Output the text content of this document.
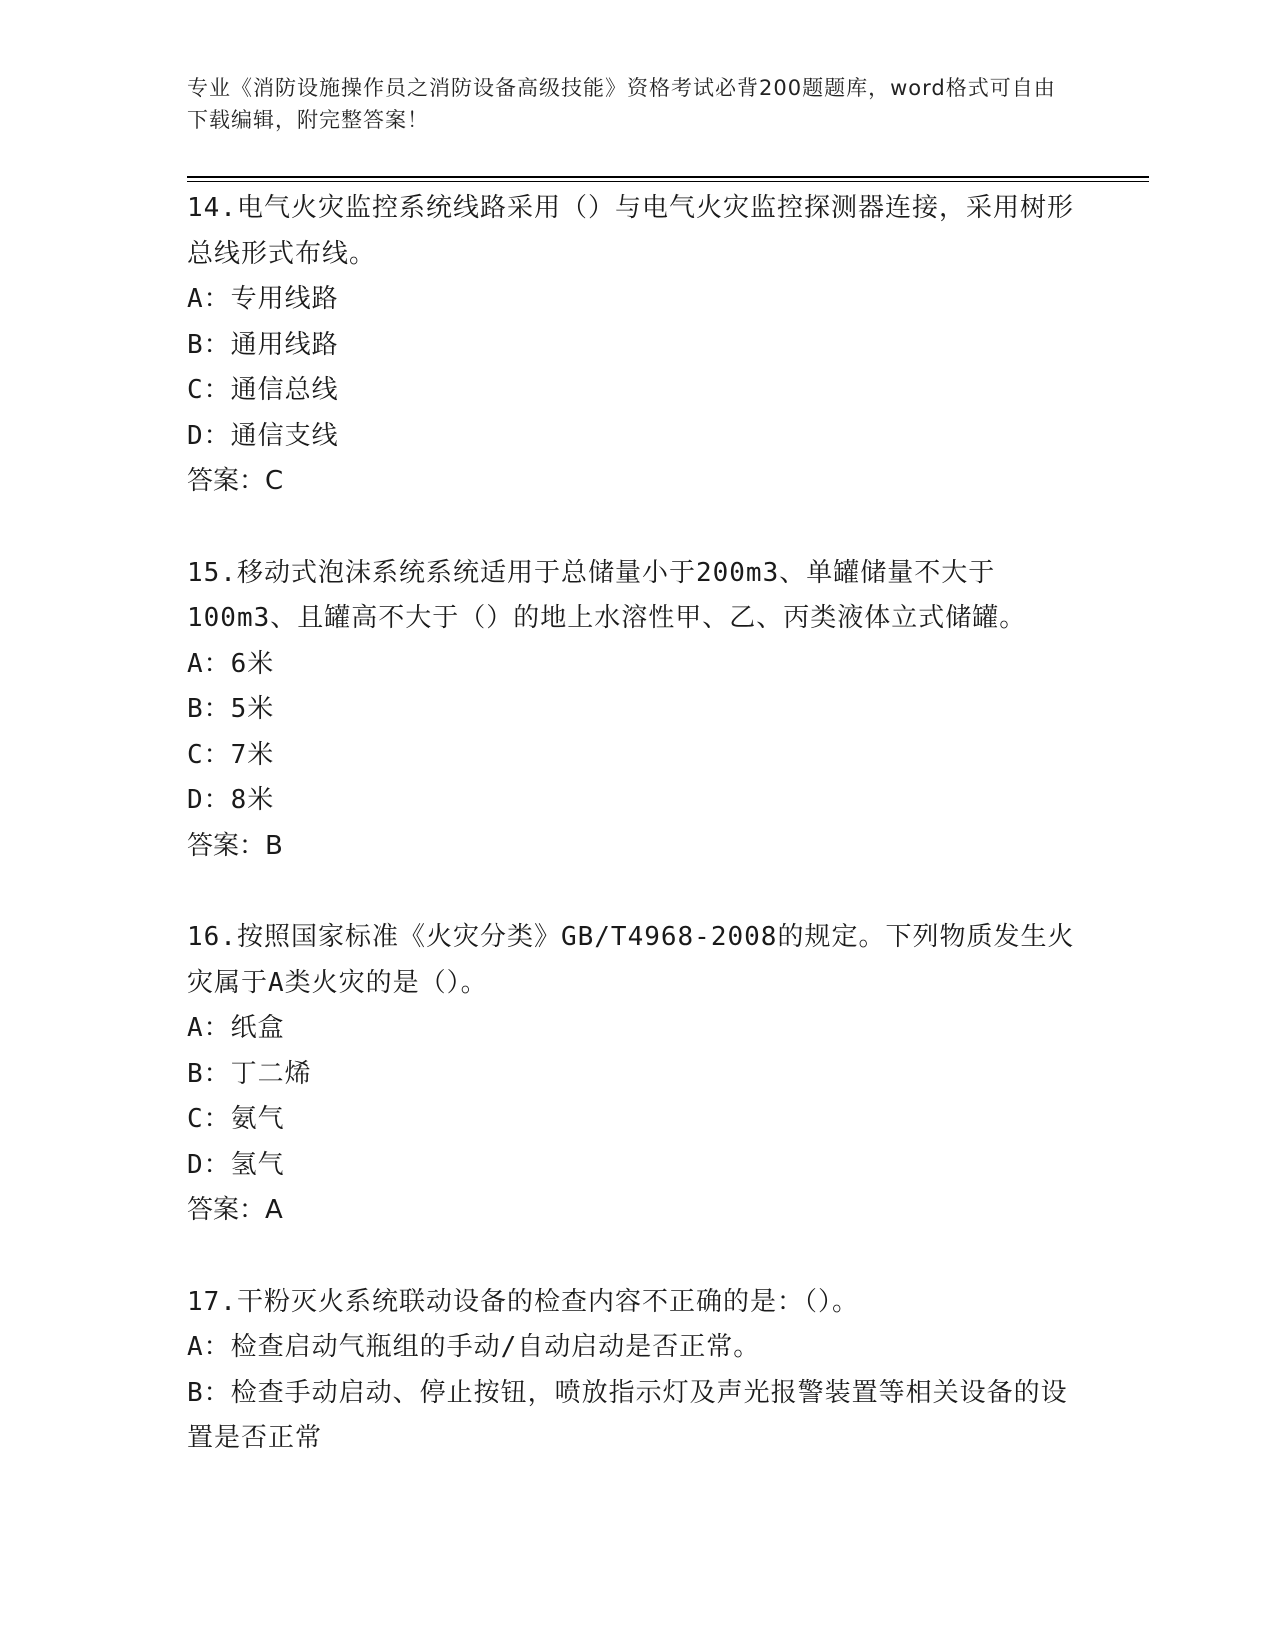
专业《消防设施操作员之消防设备高级技能》资格考试必背200题题库，word格式可自由下载编辑，附完整答案！

14.电气火灾监控系统线路采用（）与电气火灾监控探测器连接，采用树形总线形式布线。

A：专用线路

B：通用线路

C：通信总线

D：通信支线

答案：C

15.移动式泡沫系统系统适用于总储量小于200m3、单罐储量不大于100m3、且罐高不大于（）的地上水溶性甲、乙、丙类液体立式储罐。

A：6米

B：5米

C：7米

D：8米

答案：B

16.按照国家标准《火灾分类》GB/T4968-2008的规定。下列物质发生火灾属于A类火灾的是（）。

A：纸盒

B：丁二烯

C：氨气

D：氢气

答案：A

17.干粉灭火系统联动设备的检查内容不正确的是：（）。

A：检查启动气瓶组的手动/自动启动是否正常。

B：检查手动启动、停止按钮，喷放指示灯及声光报警装置等相关设备的设置是否正常
